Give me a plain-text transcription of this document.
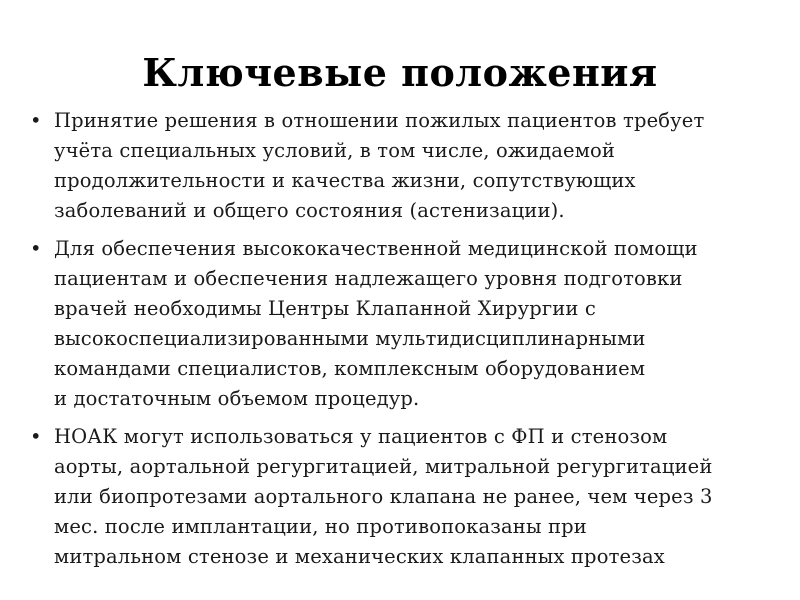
Ключевые положения
• Принятие решения в отношении пожилых пациентов требует
учёта специальных условий, в том числе, ожидаемой
продолжительности и качества жизни, сопутствующих
заболеваний и общего состояния (астенизации).
• Для обеспечения высококачественной медицинской помощи
пациентам и обеспечения надлежащего уровня подготовки
врачей необходимы Центры Клапанной Хирургии с
высокоспециализированными мультидисциплинарными
командами специалистов, комплексным оборудованием
и достаточным объемом процедур.
• НОАК могут использоваться у пациентов с ФП и стенозом
аорты, аортальной регургитацией, митральной регургитацией
или биопротезами аортального клапана не ранее, чем через 3
мес. после имплантации, но противопоказаны при
митральном стенозе и механических клапанных протезах
